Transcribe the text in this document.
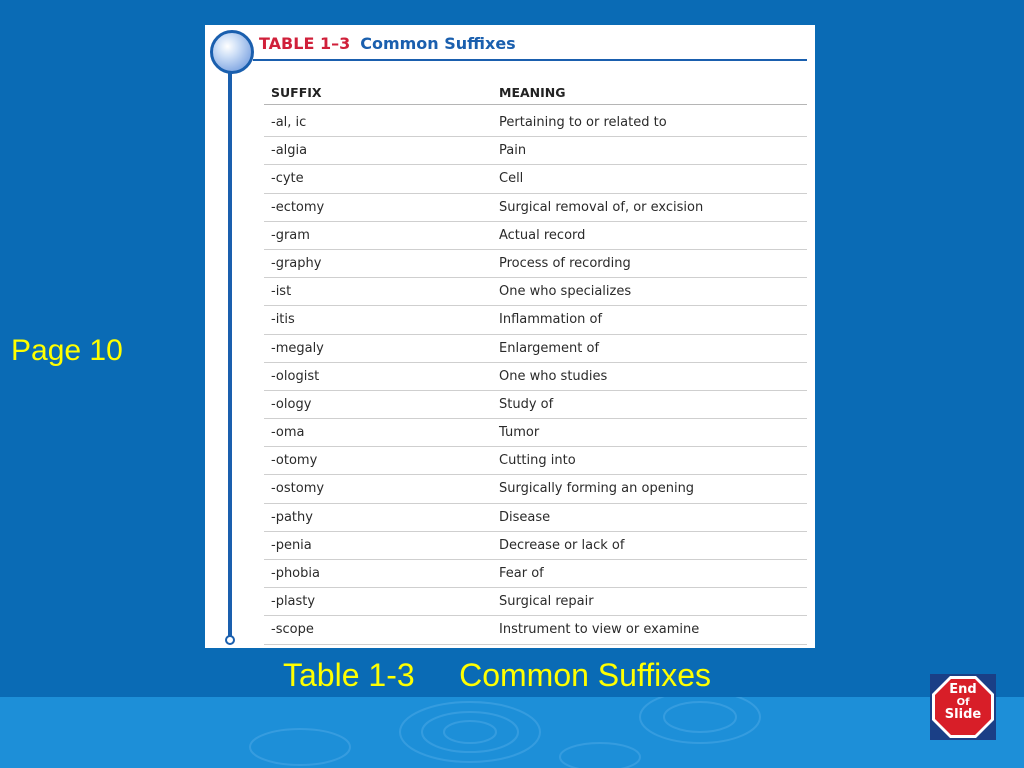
Page 10
TABLE 1–3 Common Suffixes
SUFFIX	MEANING
-al, ic	Pertaining to or related to
-algia	Pain
-cyte	Cell
-ectomy	Surgical removal of, or excision
-gram	Actual record
-graphy	Process of recording
-ist	One who specializes
-itis	Inflammation of
-megaly	Enlargement of
-ologist	One who studies
-ology	Study of
-oma	Tumor
-otomy	Cutting into
-ostomy	Surgically forming an opening
-pathy	Disease
-penia	Decrease or lack of
-phobia	Fear of
-plasty	Surgical repair
-scope	Instrument to view or examine
Table 1-3     Common Suffixes	End
Of
Slide
